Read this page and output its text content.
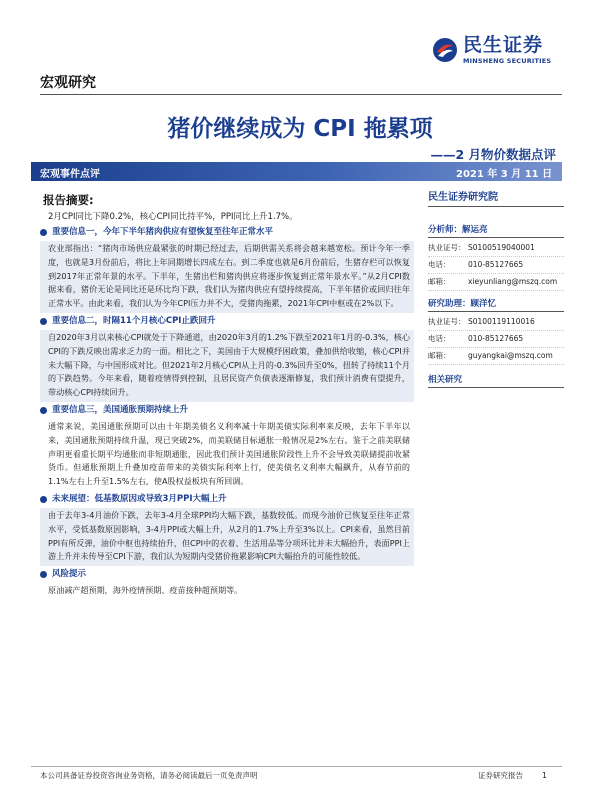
民生证券
MINSHENG SECURITIES
宏观研究
猪价继续成为 CPI 拖累项
——2 月物价数据点评
宏观事件点评	2021 年 3 月 11 日
报告摘要:

2月CPI同比下降0.2%，核心CPI同比持平%，PPI同比上升1.7%。

重要信息一，今年下半年猪肉供应有望恢复至往年正常水平

农业部指出：“猪肉市场供应最紧张的时期已经过去，后期供需关系将会越来越宽松。预计今年一季度，也就是3月份前后，将比上年同期增长四成左右。到二季度也就是6月份前后，生猪存栏可以恢复到2017年正常年景的水平。下半年，生猪出栏和猪肉供应将逐步恢复到正常年景水平。”从2月CPI数据来看，猪价无论是同比还是环比均下跌，我们认为猪肉供应有望持续提高，下半年猪价或回归往年正常水平。由此来看，我们认为今年CPI压力并不大，受猪肉拖累，2021年CPI中枢或在2%以下。

重要信息二，时隔11个月核心CPI止跌回升

自2020年3月以来核心CPI就处于下降通道，由2020年3月的1.2%下跌至2021年1月的-0.3%，核心CPI的下跌反映出需求乏力的一面。相比之下，美国由于大规模纾困政策，叠加供给收缩，核心CPI并未大幅下降，与中国形成对比。但2021年2月核心CPI从上月的-0.3%回升至0%，扭转了持续11个月的下跌趋势。今年来看，随着疫情得到控制，且居民资产负债表逐渐修复，我们预计消费有望提升，带动核心CPI持续回升。

重要信息三，美国通胀预期持续上升

通常来说，美国通胀预期可以由十年期美债名义利率减十年期美债实际利率来反映，去年下半年以来，美国通胀预期持续升温，现已突破2%，而美联储目标通胀一般情况是2%左右。鉴于之前美联储声明更看重长期平均通胀而非短期通胀，因此我们预计美国通胀阶段性上升不会导致美联储提前收紧货币。但通胀预期上升叠加疫苗带来的美债实际利率上行，使美债名义利率大幅飙升，从春节前的1.1%左右上升至1.5%左右，使A股权益板块有所回调。

未来展望：低基数原因或导致3月PPI大幅上升

由于去年3-4月油价下跌，去年3-4月全球PPI均大幅下跌，基数较低。而现今油价已恢复至往年正常水平，受低基数原因影响，3-4月PPI或大幅上升，从2月的1.7%上升至3%以上。CPI来看，虽然目前PPI有所反弹，油价中枢也持续抬升，但CPI中的衣着、生活用品等分项环比并未大幅抬升，表面PPI上游上升并未传导至CPI下游，我们认为短期内受猪价拖累影响CPI大幅抬升的可能性较低。

风险提示

原油减产超预期，海外疫情预期、疫苗接种超预期等。

民生证券研究院
分析师：解运亮
执业证号： S0100519040001
电话：	010-85127665
邮箱：	xieyunliang@mszq.com
研究助理：顾洋忆
执业证号： S0100119110016
电话：	010-85127665
邮箱：	guyangkai@mszq.com
相关研究
本公司具备证券投资咨询业务资格，请务必阅读最后一页免责声明	证券研究报告	1
